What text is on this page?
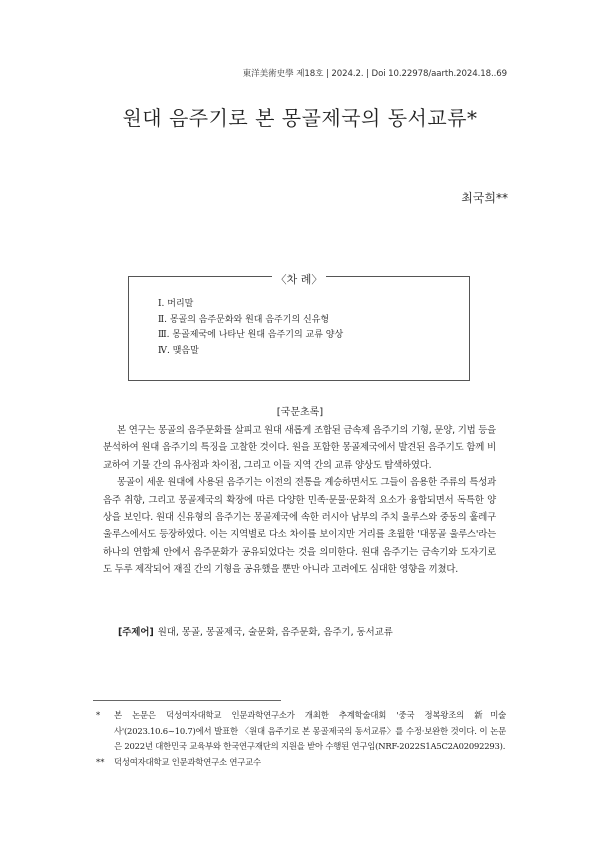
東洋美術史學 제18호 | 2024.2. | Doi 10.22978/aarth.2024.18..69
원대 음주기로 본 몽골제국의 동서교류*
최국희**
〈차 례〉
Ⅰ. 머리말
Ⅱ. 몽골의 음주문화와 원대 음주기의 신유형
Ⅲ. 몽골제국에 나타난 원대 음주기의 교류 양상
Ⅳ. 맺음말
[국문초록]

본 연구는 몽골의 음주문화를 살피고 원대 새롭게 조합된 금속제 음주기의 기형, 문양, 기법 등을 분석하여 원대 음주기의 특징을 고찰한 것이다. 원을 포함한 몽골제국에서 발견된 음주기도 함께 비교하여 기물 간의 유사점과 차이점, 그리고 이들 지역 간의 교류 양상도 탐색하였다.

몽골이 세운 원대에 사용된 음주기는 이전의 전통을 계승하면서도 그들이 음용한 주류의 특성과 음주 취향, 그리고 몽골제국의 확장에 따른 다양한 민족·문물·문화적 요소가 융합되면서 독특한 양상을 보인다. 원대 신유형의 음주기는 몽골제국에 속한 러시아 남부의 주치 울루스와 중동의 훌레구 울루스에서도 등장하였다. 이는 지역별로 다소 차이를 보이지만 거리를 초월한 '대몽골 울루스'라는 하나의 연합체 안에서 음주문화가 공유되었다는 것을 의미한다. 원대 음주기는 금속기와 도자기로도 두루 제작되어 재질 간의 기형을 공유했을 뿐만 아니라 고려에도 심대한 영향을 끼쳤다.

[주제어] 원대, 몽골, 몽골제국, 술문화, 음주문화, 음주기, 동서교류
*	본 논문은 덕성여자대학교 인문과학연구소가 개최한 추계학술대회 '중국 정복왕조의 新미술사'(2023.10.6~10.7)에서 발표한 〈원대 음주기로 본 몽골제국의 동서교류〉를 수정·보완한 것이다. 이 논문은 2022년 대한민국 교육부와 한국연구재단의 지원을 받아 수행된 연구임(NRF-2022S1A5C2A02092293).
**	덕성여자대학교 인문과학연구소 연구교수
